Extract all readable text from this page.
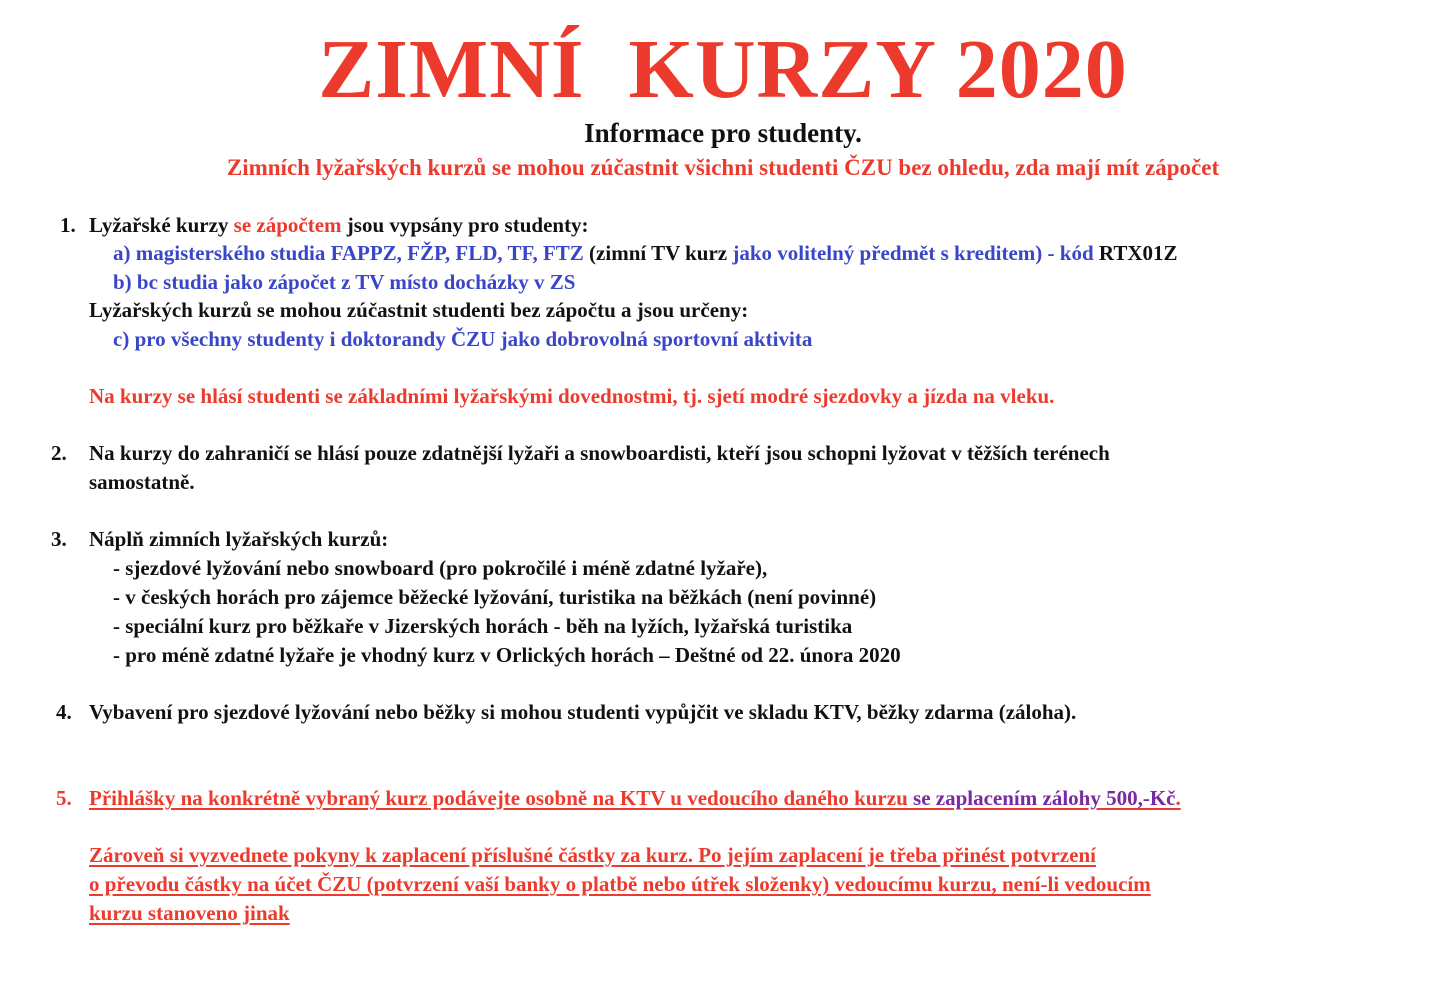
ZIMNÍ  KURZY 2020
Informace pro studenty.
Zimních lyžařských kurzů se mohou zúčastnit všichni studenti ČZU bez ohledu, zda mají mít zápočet
1. Lyžařské kurzy se zápočtem jsou vypsány pro studenty:
a) magisterského studia FAPPZ, FŽP, FLD, TF, FTZ (zimní TV kurz jako volitelný předmět s kreditem) - kód RTX01Z
b) bc studia jako zápočet z TV místo docházky v ZS
Lyžařských kurzů se mohou zúčastnit studenti bez zápočtu a jsou určeny:
c) pro všechny studenty i doktorandy ČZU jako dobrovolná sportovní aktivita
Na kurzy se hlásí studenti se základními lyžařskými dovednostmi, tj. sjetí modré sjezdovky a jízda na vleku.
2. Na kurzy do zahraničí se hlásí pouze zdatnější lyžaři a snowboardisti, kteří jsou schopni lyžovat v těžších terénech
samostatně.
3. Náplň zimních lyžařských kurzů:
- sjezdové lyžování nebo snowboard (pro pokročilé i méně zdatné lyžaře),
- v českých horách pro zájemce běžecké lyžování, turistika na běžkách (není povinné)
- speciální kurz pro běžkaře v Jizerských horách - běh na lyžích, lyžařská turistika
- pro méně zdatné lyžaře je vhodný kurz v Orlických horách – Deštné od 22. února 2020
4. Vybavení pro sjezdové lyžování nebo běžky si mohou studenti vypůjčit ve skladu KTV, běžky zdarma (záloha).
5. Přihlášky na konkrétně vybraný kurz podávejte osobně na KTV u vedoucího daného kurzu se zaplacením zálohy 500,-Kč.
Zároveň si vyzvednete pokyny k zaplacení příslušné částky za kurz. Po jejím zaplacení je třeba přinést potvrzení
o převodu částky na účet ČZU (potvrzení vaší banky o platbě nebo útřek složenky) vedoucímu kurzu, není-li vedoucím
kurzu stanoveno jinak
